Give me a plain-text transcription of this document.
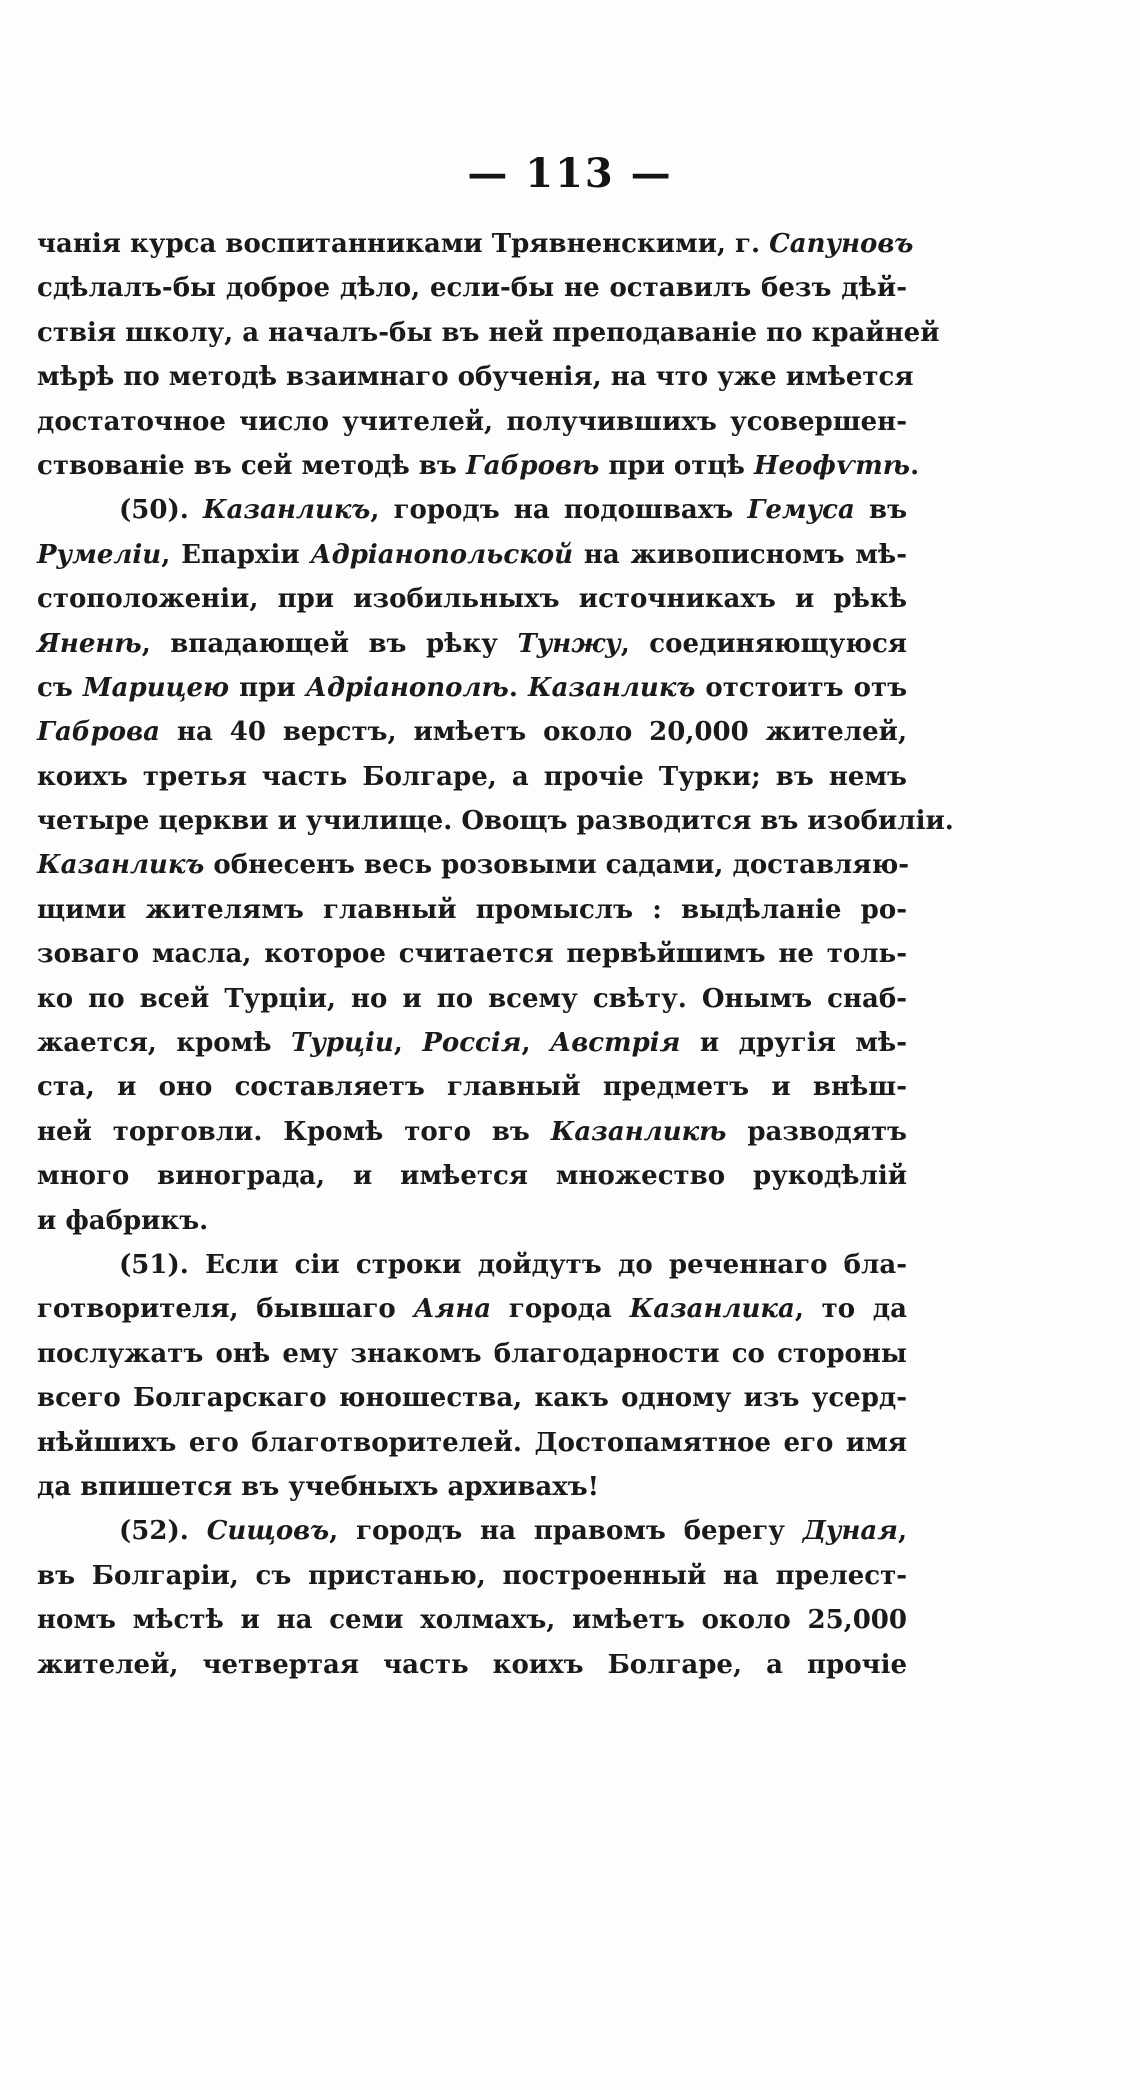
— 113 —
чанія курса воспитанниками Трявненскими, г. Сапуновъ
сдѣлалъ-бы доброе дѣло, если-бы не оставилъ безъ дѣй-
ствія школу, а началъ-бы въ ней преподаваніе по крайней
мѣрѣ по методѣ взаимнаго обученія, на что уже имѣется
достаточное число учителей, получившихъ усовершен-
ствованіе въ сей методѣ въ Габровѣ при отцѣ Неофѵтѣ.
(50). Казанликъ, городъ на подошвахъ Гемуса въ
Румеліи, Епархіи Адріанопольской на живописномъ мѣ-
стоположеніи, при изобильныхъ источникахъ и рѣкѣ
Яненѣ, впадающей въ рѣку Тунжу, соединяющуюся
съ Марицею при Адріанополѣ. Казанликъ отстоитъ отъ
Габрова на 40 верстъ, имѣетъ около 20,000 жителей,
коихъ третья часть Болгаре, а прочіе Турки; въ немъ
четыре церкви и училище. Овощъ разводится въ изобиліи.
Казанликъ обнесенъ весь розовыми садами, доставляю-
щими жителямъ главный промыслъ : выдѣланіе ро-
зоваго масла, которое считается первѣйшимъ не толь-
ко по всей Турціи, но и по всему свѣту. Онымъ снаб-
жается, кромѣ Турціи, Россія, Австрія и другія мѣ-
ста, и оно составляетъ главный предметъ и внѣш-
ней торговли. Кромѣ того въ Казанликѣ разводятъ
много винограда, и имѣется множество рукодѣлій
и фабрикъ.
(51). Если сіи строки дойдутъ до реченнаго бла-
готворителя, бывшаго Аяна города Казанлика, то да
послужатъ онѣ ему знакомъ благодарности со стороны
всего Болгарскаго юношества, какъ одному изъ усерд-
нѣйшихъ его благотворителей. Достопамятное его имя
да впишется въ учебныхъ архивахъ!
(52). Сищовъ, городъ на правомъ берегу Дуная,
въ Болгаріи, съ пристанью, построенный на прелест-
номъ мѣстѣ и на семи холмахъ, имѣетъ около 25,000
жителей, четвертая часть коихъ Болгаре, а прочіе
